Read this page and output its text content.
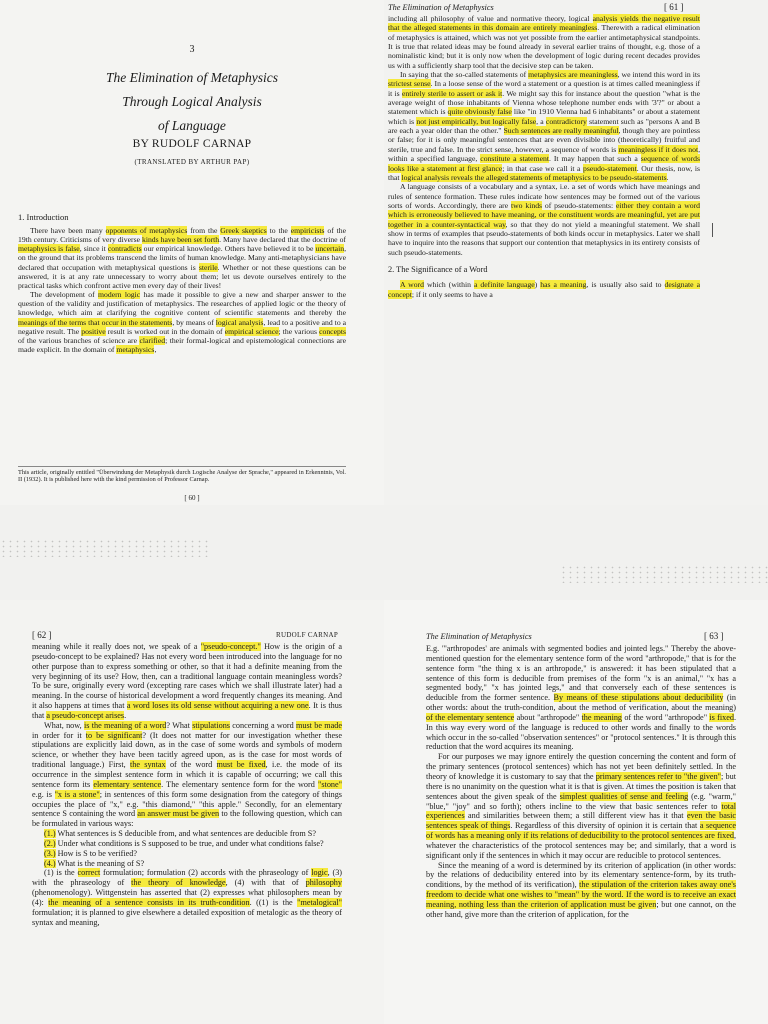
3
The Elimination of Metaphysics
Through Logical Analysis
of Language
BY RUDOLF CARNAP
(TRANSLATED BY ARTHUR PAP)
1. Introduction

There have been many opponents of metaphysics from the Greek skeptics to the empiricists of the 19th century. Criticisms of very diverse kinds have been set forth. Many have declared that the doctrine of metaphysics is false, since it contradicts our empirical knowledge. Others have believed it to be uncertain, on the ground that its problems transcend the limits of human knowledge. Many anti-metaphysicians have declared that occupation with metaphysical questions is sterile. Whether or not these questions can be answered, it is at any rate unnecessary to worry about them; let us devote ourselves entirely to the practical tasks which confront active men every day of their lives!

The development of modern logic has made it possible to give a new and sharper answer to the question of the validity and justification of metaphysics. The researches of applied logic or the theory of knowledge, which aim at clarifying the cognitive content of scientific statements and thereby the meanings of the terms that occur in the statements, by means of logical analysis, lead to a positive and to a negative result. The positive result is worked out in the domain of empirical science; the various concepts of the various branches of science are clarified; their formal-logical and epistemological connections are made explicit. In the domain of metaphysics,

This article, originally entitled "Überwindung der Metaphysik durch Logische Analyse der Sprache," appeared in Erkenntnis, Vol. II (1932). It is published here with the kind permission of Professor Carnap.
[ 60 ]
The Elimination of Metaphysics	[ 61 ]

including all philosophy of value and normative theory, logical analysis yields the negative result that the alleged statements in this domain are entirely meaningless. Therewith a radical elimination of metaphysics is attained, which was not yet possible from the earlier antimetaphysical standpoints. It is true that related ideas may be found already in several earlier trains of thought, e.g. those of a nominalistic kind; but it is only now when the development of logic during recent decades provides us with a sufficiently sharp tool that the decisive step can be taken.

In saying that the so-called statements of metaphysics are meaningless, we intend this word in its strictest sense. In a loose sense of the word a statement or a question is at times called meaningless if it is entirely sterile to assert or ask it. We might say this for instance about the question "what is the average weight of those inhabitants of Vienna whose telephone number ends with '3'?" or about a statement which is quite obviously false like "in 1910 Vienna had 6 inhabitants" or about a statement which is not just empirically, but logically false, a contradictory statement such as "persons A and B are each a year older than the other." Such sentences are really meaningful, though they are pointless or false; for it is only meaningful sentences that are even divisible into (theoretically) fruitful and sterile, true and false. In the strict sense, however, a sequence of words is meaningless if it does not, within a specified language, constitute a statement. It may happen that such a sequence of words looks like a statement at first glance; in that case we call it a pseudo-statement. Our thesis, now, is that logical analysis reveals the alleged statements of metaphysics to be pseudo-statements.

A language consists of a vocabulary and a syntax, i.e. a set of words which have meanings and rules of sentence formation. These rules indicate how sentences may be formed out of the various sorts of words. Accordingly, there are two kinds of pseudo-statements: either they contain a word which is erroneously believed to have meaning, or the constituent words are meaningful, yet are put together in a counter-syntactical way, so that they do not yield a meaningful statement. We shall show in terms of examples that pseudo-statements of both kinds occur in metaphysics. Later we shall have to inquire into the reasons that support our contention that metaphysics in its entirety consists of such pseudo-statements.

2. The Significance of a Word

A word which (within a definite language) has a meaning, is usually also said to designate a concept; if it only seems to have a

[ 62 ]	RUDOLF CARNAP

meaning while it really does not, we speak of a "pseudo-concept." How is the origin of a pseudo-concept to be explained? Has not every word been introduced into the language for no other purpose than to express something or other, so that it had a definite meaning from the very beginning of its use? How, then, can a traditional language contain meaningless words? To be sure, originally every word (excepting rare cases which we shall illustrate later) had a meaning. In the course of historical development a word frequently changes its meaning. And it also happens at times that a word loses its old sense without acquiring a new one. It is thus that a pseudo-concept arises.

What, now, is the meaning of a word? What stipulations concerning a word must be made in order for it to be significant? (It does not matter for our investigation whether these stipulations are explicitly laid down, as in the case of some words and symbols of modern science, or whether they have been tacitly agreed upon, as is the case for most words of traditional language.) First, the syntax of the word must be fixed, i.e. the mode of its occurrence in the simplest sentence form in which it is capable of occurring; we call this sentence form its elementary sentence. The elementary sentence form for the word "stone" e.g. is "x is a stone"; in sentences of this form some designation from the category of things occupies the place of "x," e.g. "this diamond," "this apple." Secondly, for an elementary sentence S containing the word an answer must be given to the following question, which can be formulated in various ways:

(1.) What sentences is S deducible from, and what sentences are deducible from S?

(2.) Under what conditions is S supposed to be true, and under what conditions false?

(3.) How is S to be verified?

(4.) What is the meaning of S?

(1) is the correct formulation; formulation (2) accords with the phraseology of logic, (3) with the phraseology of the theory of knowledge, (4) with that of philosophy (phenomenology). Wittgenstein has asserted that (2) expresses what philosophers mean by (4): the meaning of a sentence consists in its truth-condition. ((1) is the "metalogical" formulation; it is planned to give elsewhere a detailed exposition of metalogic as the theory of syntax and meaning,

The Elimination of Metaphysics	[ 63 ]

E.g. "'arthropodes' are animals with segmented bodies and jointed legs." Thereby the above-mentioned question for the elementary sentence form of the word "arthropode," that is for the sentence form "the thing x is an arthropode," is answered: it has been stipulated that a sentence of this form is deducible from premises of the form "x is an animal," "x has a segmented body," "x has jointed legs," and that conversely each of these sentences is deducible from the former sentence. By means of these stipulations about deducibility (in other words: about the truth-condition, about the method of verification, about the meaning) of the elementary sentence about "arthropode" the meaning of the word "arthropode" is fixed. In this way every word of the language is reduced to other words and finally to the words which occur in the so-called "observation sentences" or "protocol sentences." It is through this reduction that the word acquires its meaning.

For our purposes we may ignore entirely the question concerning the content and form of the primary sentences (protocol sentences) which has not yet been definitely settled. In the theory of knowledge it is customary to say that the primary sentences refer to "the given"; but there is no unanimity on the question what it is that is given. At times the position is taken that sentences about the given speak of the simplest qualities of sense and feeling (e.g. "warm," "blue," "joy" and so forth); others incline to the view that basic sentences refer to total experiences and similarities between them; a still different view has it that even the basic sentences speak of things. Regardless of this diversity of opinion it is certain that a sequence of words has a meaning only if its relations of deducibility to the protocol sentences are fixed, whatever the characteristics of the protocol sentences may be; and similarly, that a word is significant only if the sentences in which it may occur are reducible to protocol sentences.

Since the meaning of a word is determined by its criterion of application (in other words: by the relations of deducibility entered into by its elementary sentence-form, by its truth-conditions, by the method of its verification), the stipulation of the criterion takes away one's freedom to decide what one wishes to "mean" by the word. If the word is to receive an exact meaning, nothing less than the criterion of application must be given; but one cannot, on the other hand, give more than the criterion of application, for the
